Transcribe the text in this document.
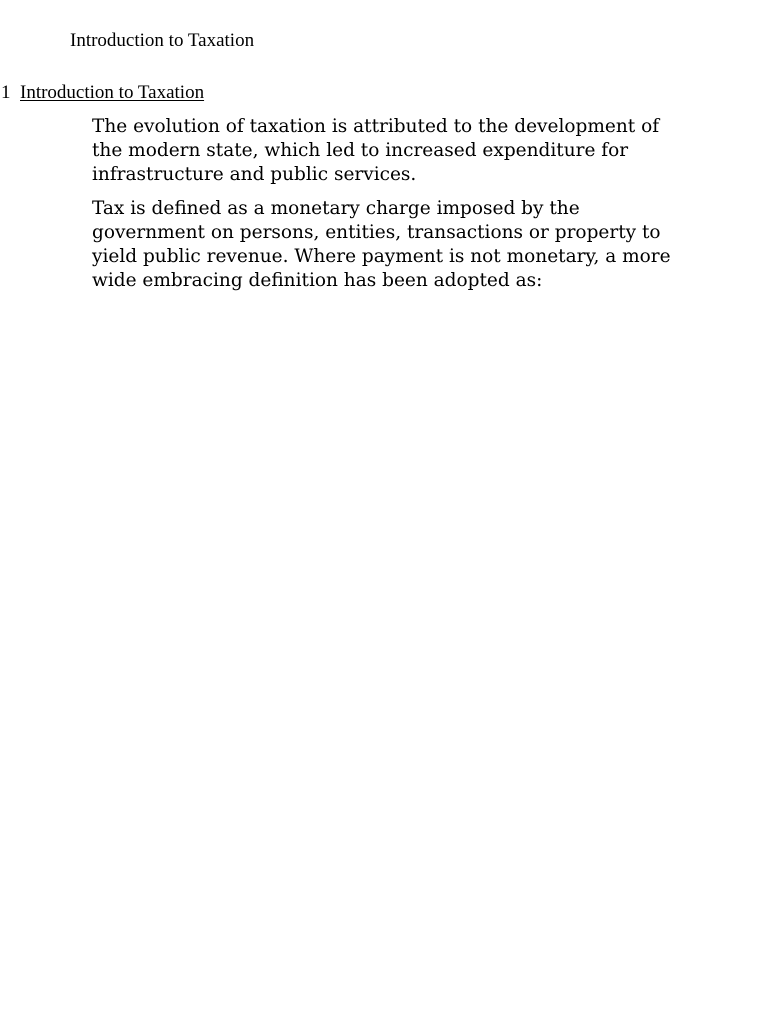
Introduction to Taxation
1 Introduction to Taxation

The evolution of taxation is attributed to the development of the modern state, which led to increased expenditure for infrastructure and public services.

Tax is defined as a monetary charge imposed by the government on persons, entities, transactions or property to yield public revenue. Where payment is not monetary, a more wide embracing definition has been adopted as:
